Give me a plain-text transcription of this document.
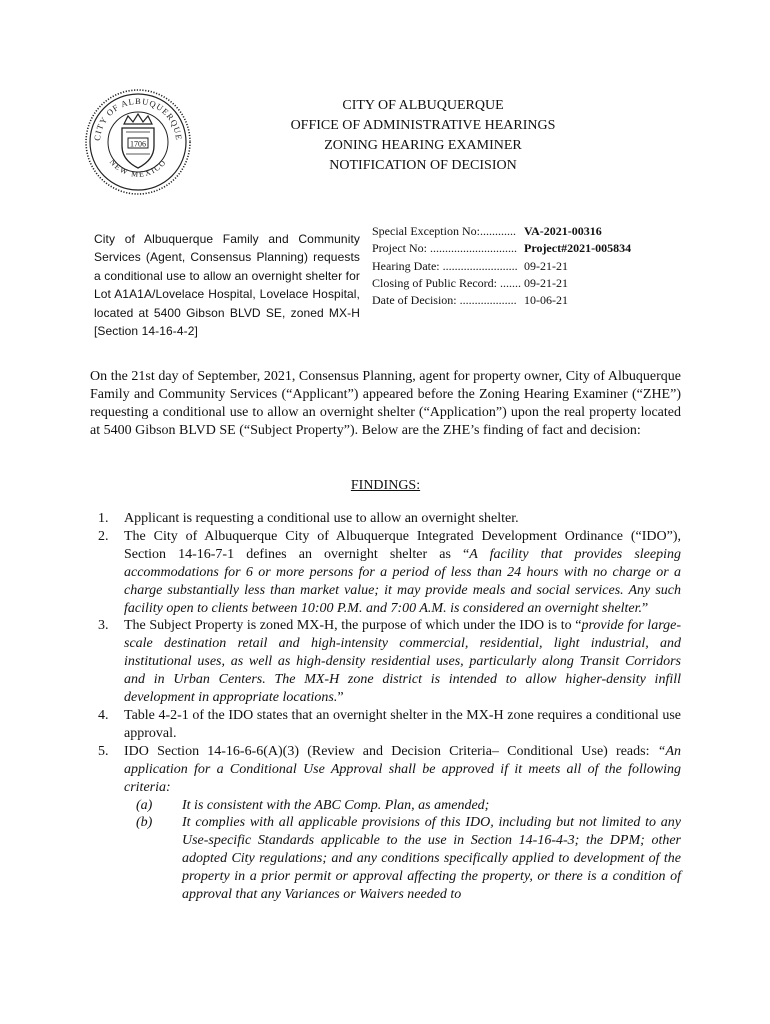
CITY OF ALBUQUERQUE
NEW MEXICO
1706
CITY OF ALBUQUERQUE
OFFICE OF ADMINISTRATIVE HEARINGS
ZONING HEARING EXAMINER
NOTIFICATION OF DECISION
City of Albuquerque Family and Community Services (Agent, Consensus Planning) requests a conditional use to allow an overnight shelter for Lot A1A1A/Lovelace Hospital, Lovelace Hospital, located at 5400 Gibson BLVD SE, zoned MX-H [Section 14-16-4-2]
Special Exception No:............ VA-2021-00316
Project No: ............................. Project#2021-005834
Hearing Date: ......................... 09-21-21
Closing of Public Record: ....... 09-21-21
Date of Decision: ................... 10-06-21
On the 21st day of September, 2021, Consensus Planning, agent for property owner, City of Albuquerque Family and Community Services (“Applicant”) appeared before the Zoning Hearing Examiner (“ZHE”) requesting a conditional use to allow an overnight shelter (“Application”) upon the real property located at 5400 Gibson BLVD SE (“Subject Property”). Below are the ZHE’s finding of fact and decision:
FINDINGS:
1. Applicant is requesting a conditional use to allow an overnight shelter.
2. The City of Albuquerque City of Albuquerque Integrated Development Ordinance (“IDO”), Section 14-16-7-1 defines an overnight shelter as “A facility that provides sleeping accommodations for 6 or more persons for a period of less than 24 hours with no charge or a charge substantially less than market value; it may provide meals and social services. Any such facility open to clients between 10:00 P.M. and 7:00 A.M. is considered an overnight shelter.”
3. The Subject Property is zoned MX-H, the purpose of which under the IDO is to “provide for large-scale destination retail and high-intensity commercial, residential, light industrial, and institutional uses, as well as high-density residential uses, particularly along Transit Corridors and in Urban Centers. The MX-H zone district is intended to allow higher-density infill development in appropriate locations.”
4. Table 4-2-1 of the IDO states that an overnight shelter in the MX-H zone requires a conditional use approval.
5. IDO Section 14-16-6-6(A)(3) (Review and Decision Criteria– Conditional Use) reads: “An application for a Conditional Use Approval shall be approved if it meets all of the following criteria:
(a) It is consistent with the ABC Comp. Plan, as amended;
(b) It complies with all applicable provisions of this IDO, including but not limited to any Use-specific Standards applicable to the use in Section 14-16-4-3; the DPM; other adopted City regulations; and any conditions specifically applied to development of the property in a prior permit or approval affecting the property, or there is a condition of approval that any Variances or Waivers needed to
